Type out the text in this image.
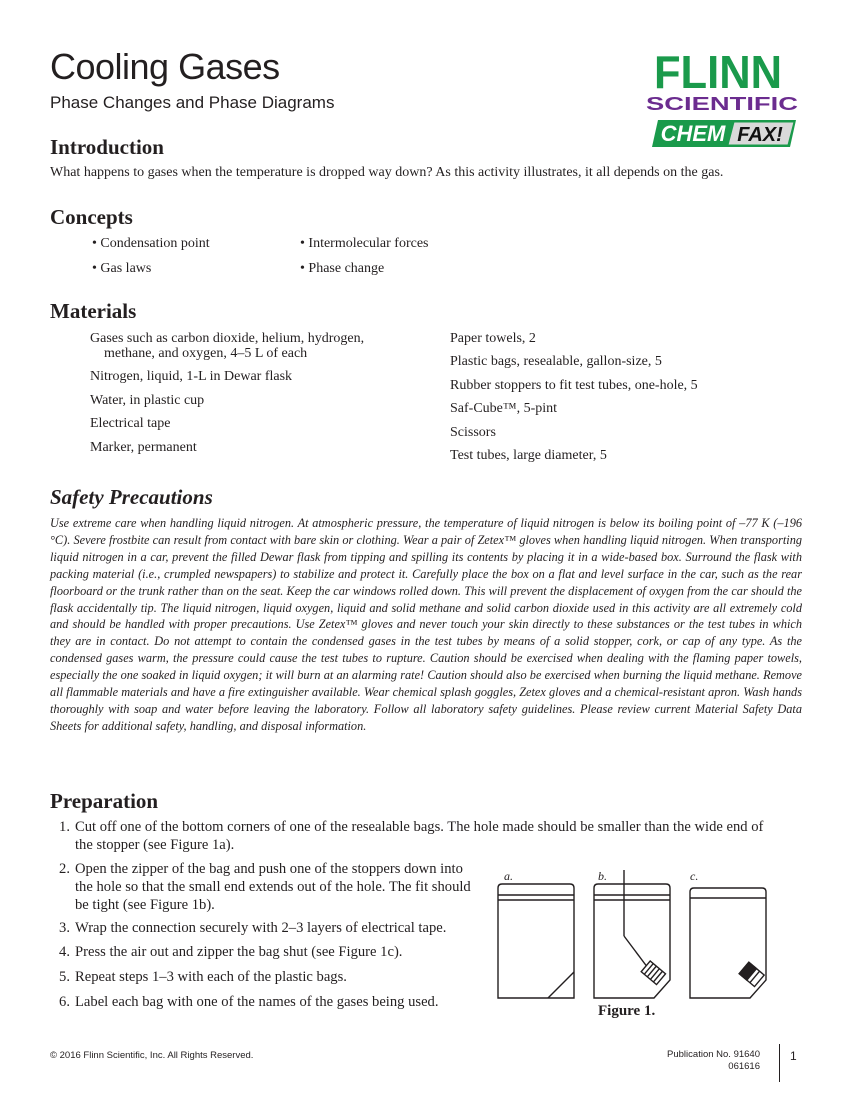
Cooling Gases
Phase Changes and Phase Diagrams
FLINN
SCIENTIFIC
CHEM FAX!
Introduction
What happens to gases when the temperature is dropped way down? As this activity illustrates, it all depends on the gas.
Concepts
• Condensation point	• Intermolecular forces
• Gas laws	• Phase change
Materials
Gases such as carbon dioxide, helium, hydrogen,
methane, and oxygen, 4–5 L of each
Nitrogen, liquid, 1-L in Dewar flask
Water, in plastic cup
Electrical tape
Marker, permanent
Paper towels, 2
Plastic bags, resealable, gallon-size, 5
Rubber stoppers to fit test tubes, one-hole, 5
Saf-Cube™, 5-pint
Scissors
Test tubes, large diameter, 5
Safety Precautions
Use extreme care when handling liquid nitrogen. At atmospheric pressure, the temperature of liquid nitrogen is below its boiling point of –77 K (–196 °C). Severe frostbite can result from contact with bare skin or clothing. Wear a pair of Zetex™ gloves when handling liquid nitrogen. When transporting liquid nitrogen in a car, prevent the filled Dewar flask from tipping and spilling its contents by placing it in a wide-based box. Surround the flask with packing material (i.e., crumpled newspapers) to stabilize and protect it. Carefully place the box on a flat and level surface in the car, such as the rear floorboard or the trunk rather than on the seat. Keep the car windows rolled down. This will prevent the displacement of oxygen from the car should the flask accidentally tip. The liquid nitrogen, liquid oxygen, liquid and solid methane and solid carbon dioxide used in this activity are all extremely cold and should be handled with proper precautions. Use Zetex™ gloves and never touch your skin directly to these substances or the test tubes in which they are in contact. Do not attempt to contain the condensed gases in the test tubes by means of a solid stopper, cork, or cap of any type. As the condensed gases warm, the pressure could cause the test tubes to rupture. Caution should be exercised when dealing with the flaming paper towels, especially the one soaked in liquid oxygen; it will burn at an alarming rate! Caution should also be exercised when burning the liquid methane. Remove all flammable materials and have a fire extinguisher available. Wear chemical splash goggles, Zetex gloves and a chemical-resistant apron. Wash hands thoroughly with soap and water before leaving the laboratory. Follow all laboratory safety guidelines. Please review current Material Safety Data Sheets for additional safety, handling, and disposal information.
Preparation
1. Cut off one of the bottom corners of one of the resealable bags. The hole made should be smaller than the wide end of
the stopper (see Figure 1a).
2. Open the zipper of the bag and push one of the stoppers down into
the hole so that the small end extends out of the hole. The fit should
be tight (see Figure 1b).
3. Wrap the connection securely with 2–3 layers of electrical tape.
4. Press the air out and zipper the bag shut (see Figure 1c).
5. Repeat steps 1–3 with each of the plastic bags.
6. Label each bag with one of the names of the gases being used.
a.	b.	c.
Figure 1.
© 2016 Flinn Scientific, Inc. All Rights Reserved.	Publication No. 91640
061616
1
